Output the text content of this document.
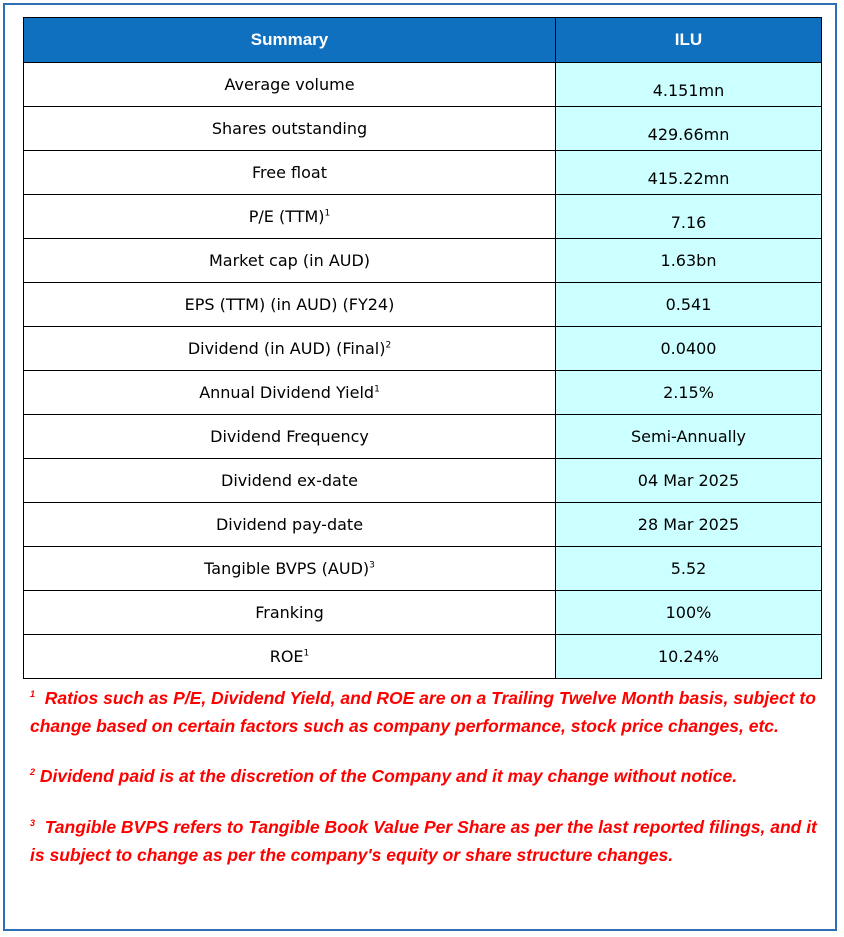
Summary	ILU
Average volume	4.151mn
Shares outstanding	429.66mn
Free float	415.22mn
P/E (TTM)$^1$	7.16
Market cap (in AUD)	1.63bn
EPS (TTM) (in AUD) (FY24)	0.541
Dividend (in AUD) (Final)$^2$	0.0400
Annual Dividend Yield$^1$	2.15%
Dividend Frequency	Semi-Annually
Dividend ex-date	04 Mar 2025
Dividend pay-date	28 Mar 2025
Tangible BVPS (AUD)$^3$	5.52
Franking	100%
ROE$^1$	10.24%

$^1$ Ratios such as P/E, Dividend Yield, and ROE are on a Trailing Twelve Month basis, subject to change based on certain factors such as company performance, stock price changes, etc.

$^2$ Dividend paid is at the discretion of the Company and it may change without notice.

$^3$ Tangible BVPS refers to Tangible Book Value Per Share as per the last reported filings, and it is subject to change as per the company's equity or share structure changes.
